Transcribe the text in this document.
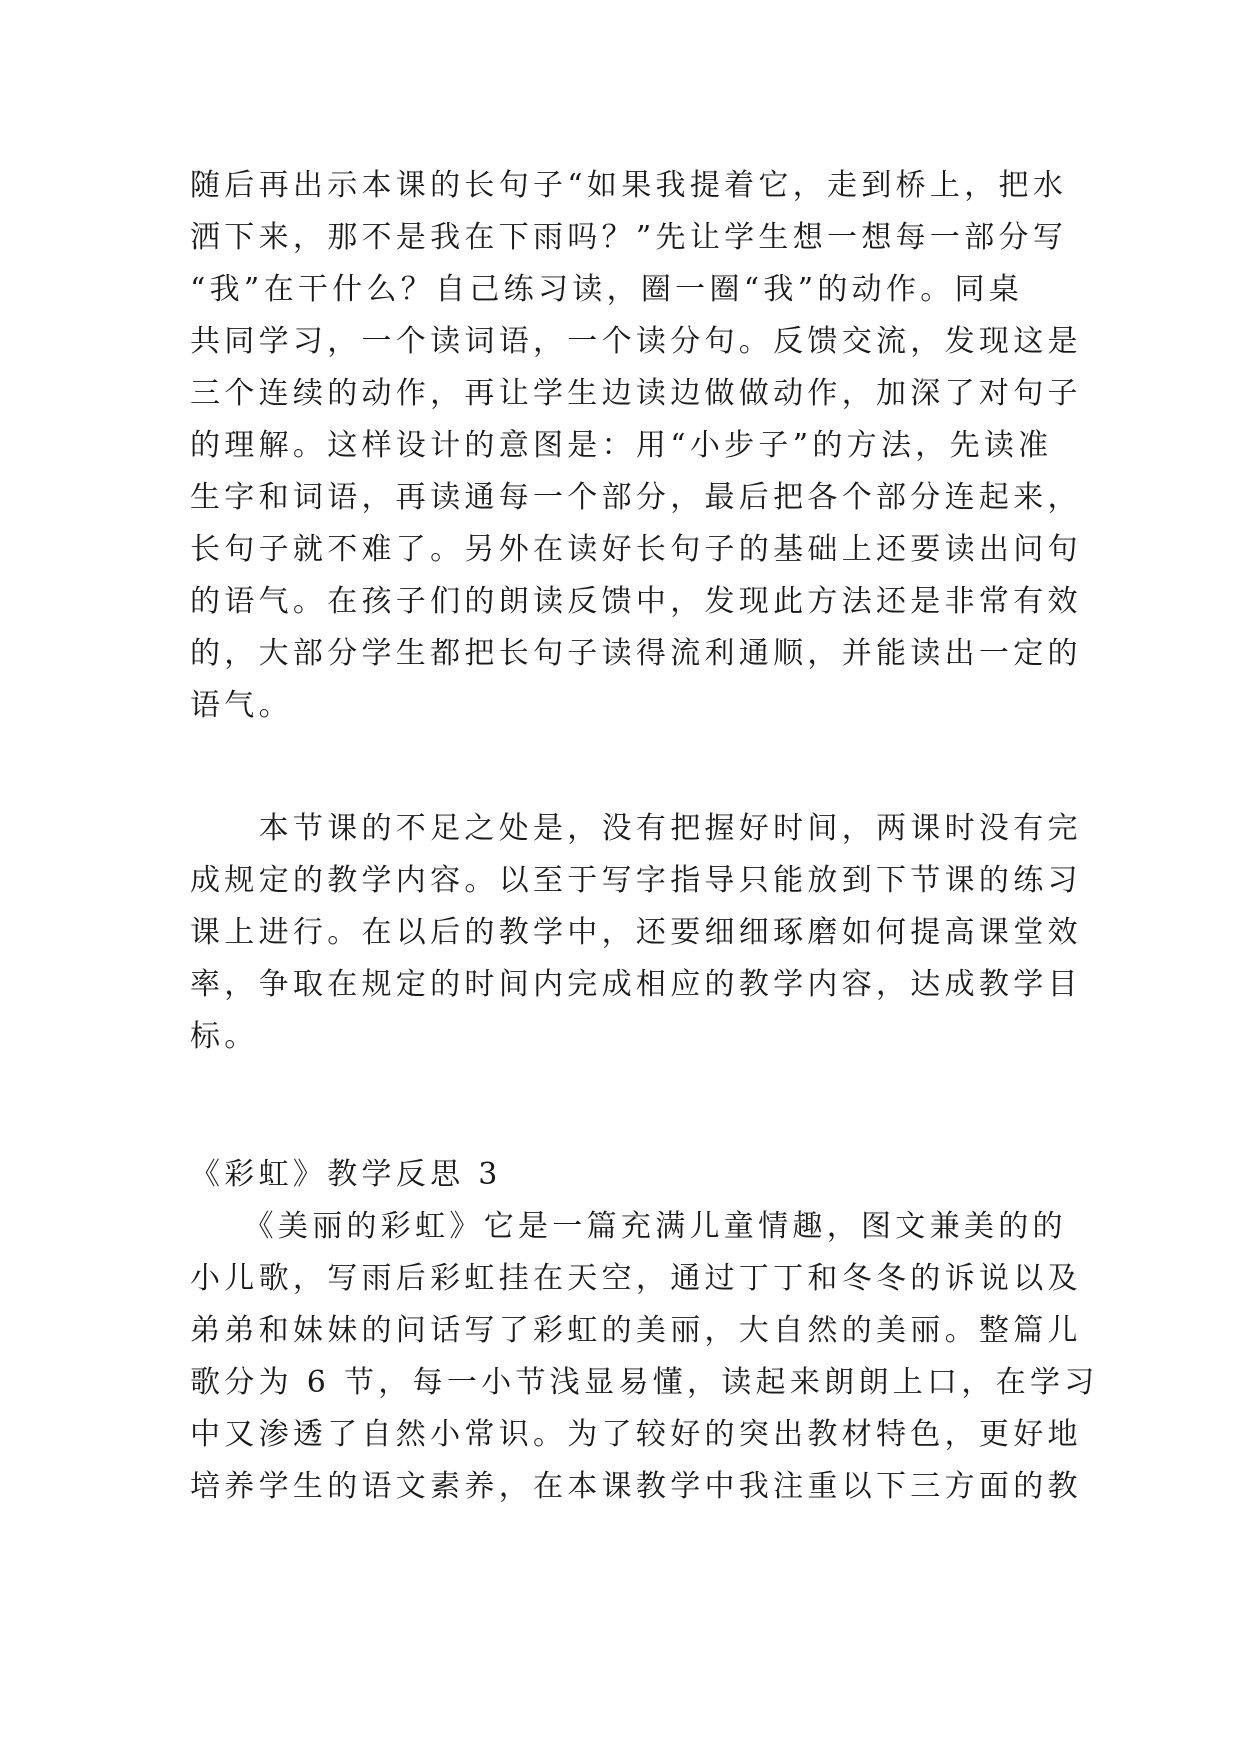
随后再出示本课的长句子“如果我提着它，走到桥上，把水
洒下来，那不是我在下雨吗？”先让学生想一想每一部分写
“我”在干什么？自己练习读，圈一圈“我”的动作。同桌
共同学习，一个读词语，一个读分句。反馈交流，发现这是
三个连续的动作，再让学生边读边做做动作，加深了对句子
的理解。这样设计的意图是：用“小步子”的方法，先读准
生字和词语，再读通每一个部分，最后把各个部分连起来，
长句子就不难了。另外在读好长句子的基础上还要读出问句
的语气。在孩子们的朗读反馈中，发现此方法还是非常有效
的，大部分学生都把长句子读得流利通顺，并能读出一定的
语气。
　　本节课的不足之处是，没有把握好时间，两课时没有完
成规定的教学内容。以至于写字指导只能放到下节课的练习
课上进行。在以后的教学中，还要细细琢磨如何提高课堂效
率，争取在规定的时间内完成相应的教学内容，达成教学目
标。
《彩虹》教学反思 3
　　《美丽的彩虹》它是一篇充满儿童情趣，图文兼美的的
小儿歌，写雨后彩虹挂在天空，通过丁丁和冬冬的诉说以及
弟弟和妹妹的问话写了彩虹的美丽，大自然的美丽。整篇儿
歌分为 6 节，每一小节浅显易懂，读起来朗朗上口，在学习
中又渗透了自然小常识。为了较好的突出教材特色，更好地
培养学生的语文素养，在本课教学中我注重以下三方面的教
